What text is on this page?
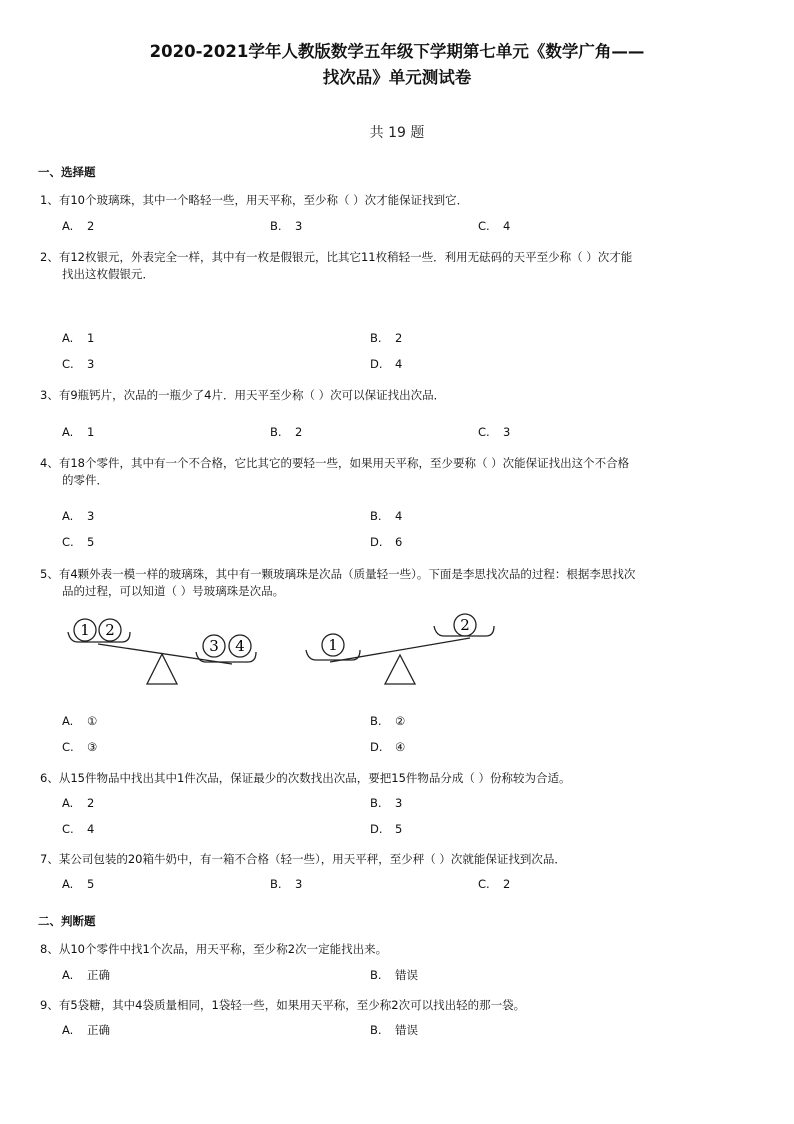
2020-2021学年人教版数学五年级下学期第七单元《数学广角——
找次品》单元测试卷
共 19 题
一、选择题
1、有10个玻璃珠，其中一个略轻一些，用天平称，至少称（ ）次才能保证找到它．
A. 2	B. 3	C. 4
2、有12枚银元，外表完全一样，其中有一枚是假银元，比其它11枚稍轻一些．利用无砝码的天平至少称（ ）次才能
找出这枚假银元．
A. 1	B. 2
C. 3	D. 4
3、有9瓶钙片，次品的一瓶少了4片．用天平至少称（ ）次可以保证找出次品．
A. 1	B. 2	C. 3
4、有18个零件，其中有一个不合格，它比其它的要轻一些，如果用天平称，至少要称（ ）次能保证找出这个不合格
的零件．
A. 3	B. 4
C. 5	D. 6
5、有4颗外表一模一样的玻璃珠，其中有一颗玻璃珠是次品（质量轻一些）。下面是李思找次品的过程：根据李思找次
品的过程，可以知道（ ）号玻璃珠是次品。
1 2
3 4	1
2
A. ①	B. ②
C. ③	D. ④
6、从15件物品中找出其中1件次品，保证最少的次数找出次品，要把15件物品分成（ ）份称较为合适。
A. 2	B. 3
C. 4	D. 5
7、某公司包装的20箱牛奶中，有一箱不合格（轻一些），用天平秤，至少秤（ ）次就能保证找到次品．
A. 5	B. 3	C. 2
二、判断题
8、从10个零件中找1个次品，用天平称，至少称2次一定能找出来。
A. 正确	B. 错误
9、有5袋糖，其中4袋质量相同，1袋轻一些，如果用天平称，至少称2次可以找出轻的那一袋。
A. 正确	B. 错误
